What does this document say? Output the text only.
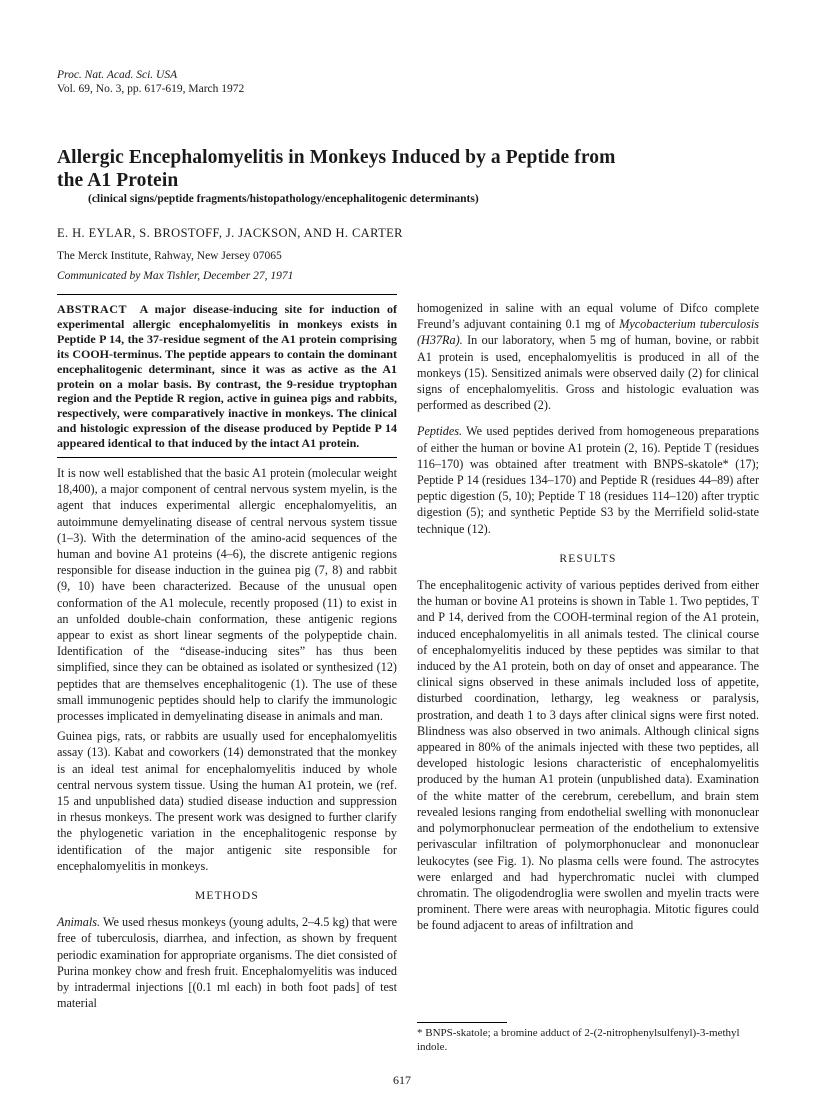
Proc. Nat. Acad. Sci. USA
Vol. 69, No. 3, pp. 617-619, March 1972
Allergic Encephalomyelitis in Monkeys Induced by a Peptide from the A1 Protein
(clinical signs/peptide fragments/histopathology/encephalitogenic determinants)
E. H. EYLAR, S. BROSTOFF, J. JACKSON, AND H. CARTER
The Merck Institute, Rahway, New Jersey 07065
Communicated by Max Tishler, December 27, 1971
ABSTRACT A major disease-inducing site for induction of experimental allergic encephalomyelitis in monkeys exists in Peptide P 14, the 37-residue segment of the A1 protein comprising its COOH-terminus. The peptide appears to contain the dominant encephalitogenic determinant, since it was as active as the A1 protein on a molar basis. By contrast, the 9-residue tryptophan region and the Peptide R region, active in guinea pigs and rabbits, respectively, were comparatively inactive in monkeys. The clinical and histologic expression of the disease produced by Peptide P 14 appeared identical to that induced by the intact A1 protein.

It is now well established that the basic A1 protein (molecular weight 18,400), a major component of central nervous system myelin, is the agent that induces experimental allergic encephalomyelitis, an autoimmune demyelinating disease of central nervous system tissue (1–3). With the determination of the amino-acid sequences of the human and bovine A1 proteins (4–6), the discrete antigenic regions responsible for disease induction in the guinea pig (7, 8) and rabbit (9, 10) have been characterized. Because of the unusual open conformation of the A1 molecule, recently proposed (11) to exist in an unfolded double-chain conformation, these antigenic regions appear to exist as short linear segments of the polypeptide chain. Identification of the “disease-inducing sites” has thus been simplified, since they can be obtained as isolated or synthesized (12) peptides that are themselves encephalitogenic (1). The use of these small immunogenic peptides should help to clarify the immunologic processes implicated in demyelinating disease in animals and man.

Guinea pigs, rats, or rabbits are usually used for encephalomyelitis assay (13). Kabat and coworkers (14) demonstrated that the monkey is an ideal test animal for encephalomyelitis induced by whole central nervous system tissue. Using the human A1 protein, we (ref. 15 and unpublished data) studied disease induction and suppression in rhesus monkeys. The present work was designed to further clarify the phylogenetic variation in the encephalitogenic response by identification of the major antigenic site responsible for encephalomyelitis in monkeys.

METHODS

Animals. We used rhesus monkeys (young adults, 2–4.5 kg) that were free of tuberculosis, diarrhea, and infection, as shown by frequent periodic examination for appropriate organisms. The diet consisted of Purina monkey chow and fresh fruit. Encephalomyelitis was induced by intradermal injections [(0.1 ml each) in both foot pads] of test material

homogenized in saline with an equal volume of Difco complete Freund’s adjuvant containing 0.1 mg of Mycobacterium tuberculosis (H37Ra). In our laboratory, when 5 mg of human, bovine, or rabbit A1 protein is used, encephalomyelitis is produced in all of the monkeys (15). Sensitized animals were observed daily (2) for clinical signs of encephalomyelitis. Gross and histologic evaluation was performed as described (2).

Peptides. We used peptides derived from homogeneous preparations of either the human or bovine A1 protein (2, 16). Peptide T (residues 116–170) was obtained after treatment with BNPS-skatole* (17); Peptide P 14 (residues 134–170) and Peptide R (residues 44–89) after peptic digestion (5, 10); Peptide T 18 (residues 114–120) after tryptic digestion (5); and synthetic Peptide S3 by the Merrifield solid-state technique (12).

RESULTS

The encephalitogenic activity of various peptides derived from either the human or bovine A1 proteins is shown in Table 1. Two peptides, T and P 14, derived from the COOH-terminal region of the A1 protein, induced encephalomyelitis in all animals tested. The clinical course of encephalomyelitis induced by these peptides was similar to that induced by the A1 protein, both on day of onset and appearance. The clinical signs observed in these animals included loss of appetite, disturbed coordination, lethargy, leg weakness or paralysis, prostration, and death 1 to 3 days after clinical signs were first noted. Blindness was also observed in two animals. Although clinical signs appeared in 80% of the animals injected with these two peptides, all developed histologic lesions characteristic of encephalomyelitis produced by the human A1 protein (unpublished data). Examination of the white matter of the cerebrum, cerebellum, and brain stem revealed lesions ranging from endothelial swelling with mononuclear and polymorphonuclear permeation of the endothelium to extensive perivascular infiltration of polymorphonuclear and mononuclear leukocytes (see Fig. 1). No plasma cells were found. The astrocytes were enlarged and had hyperchromatic nuclei with clumped chromatin. The oligodendroglia were swollen and myelin tracts were prominent. There were areas with neurophagia. Mitotic figures could be found adjacent to areas of infiltration and

* BNPS-skatole; a bromine adduct of 2-(2-nitrophenylsulfenyl)-3-methyl indole.
617
